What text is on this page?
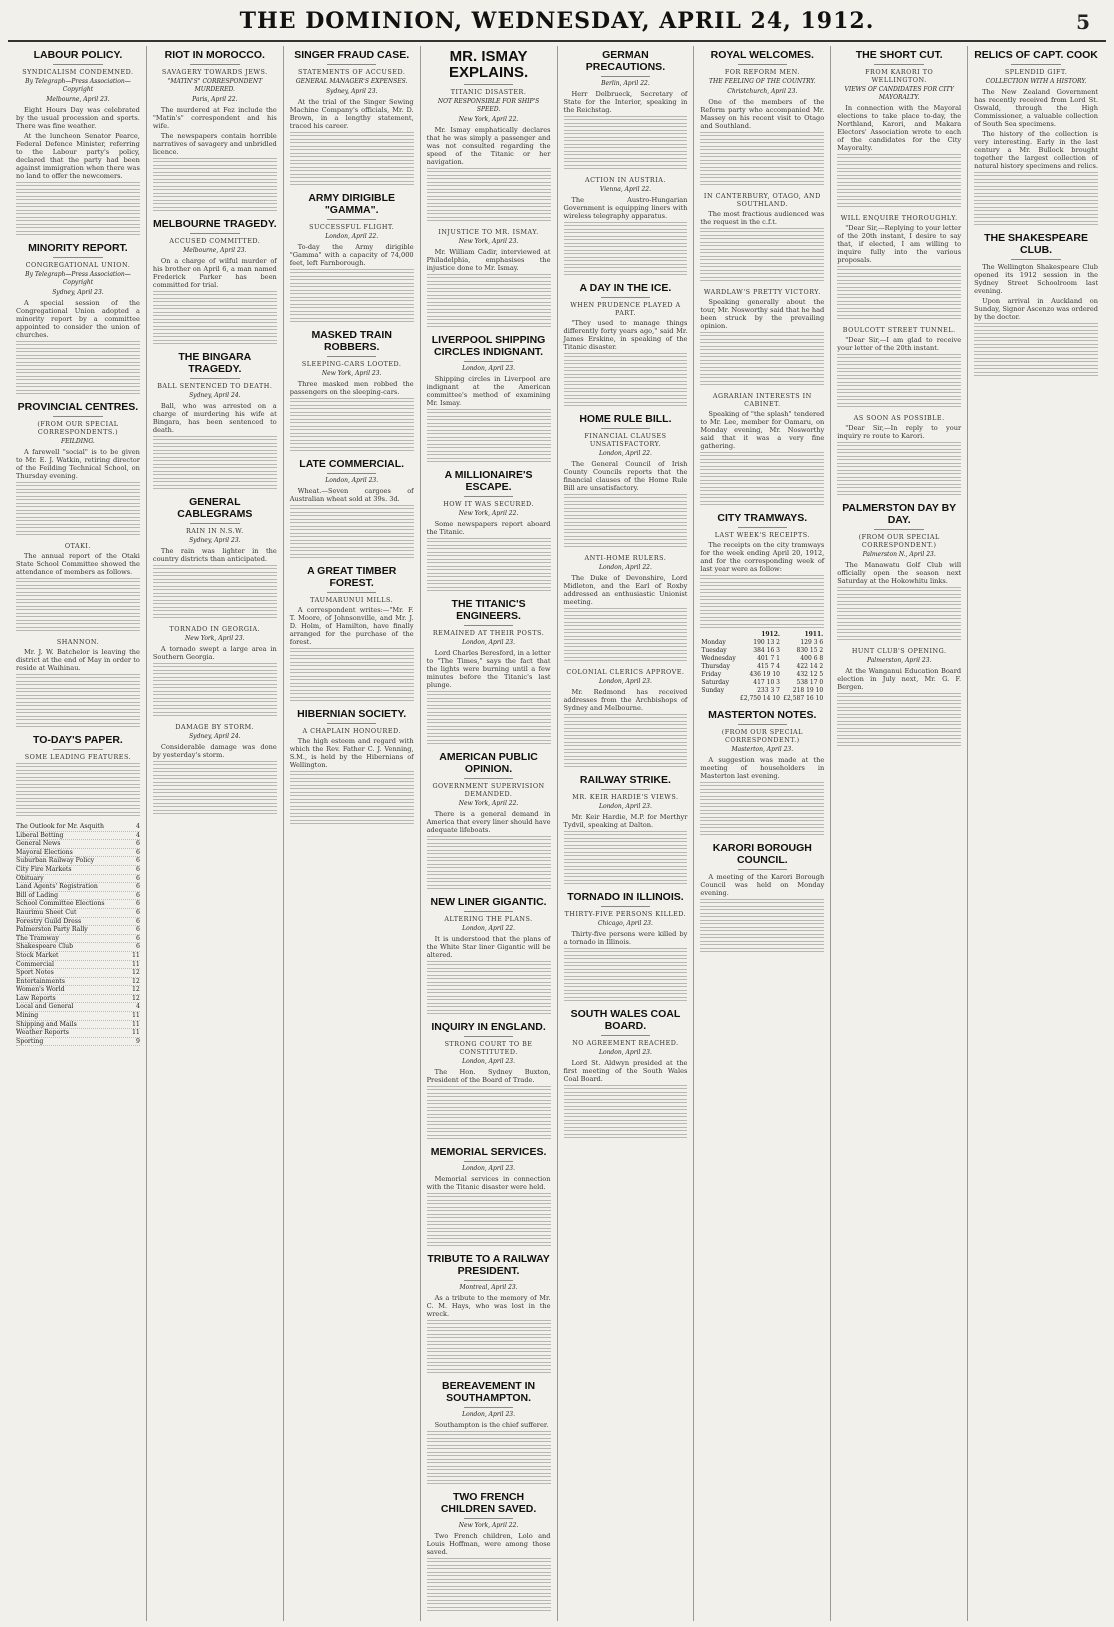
THE DOMINION, WEDNESDAY, APRIL 24, 1912.	5
LABOUR POLICY.
SYNDICALISM CONDEMNED.
By Telegraph—Press Association—Copyright
Melbourne, April 23.

Eight Hours Day was celebrated by the usual procession and sports. There was fine weather.

At the luncheon Senator Pearce, Federal Defence Minister, referring to the Labour party's policy, declared that the party had been against immigration when there was no land to offer the newcomers.

MINORITY REPORT.
CONGREGATIONAL UNION.
By Telegraph—Press Association—Copyright
Sydney, April 23.

A special session of the Congregational Union adopted a minority report by a committee appointed to consider the union of churches.

PROVINCIAL CENTRES.
(FROM OUR SPECIAL CORRESPONDENTS.)
FEILDING.

A farewell "social" is to be given to Mr. E. J. Watkin, retiring director of the Feilding Technical School, on Thursday evening.

OTAKI.

The annual report of the Otaki State School Committee showed the attendance of members as follows.

SHANNON.

Mr. J. W. Batchelor is leaving the district at the end of May in order to reside at Waihinau.

TO-DAY'S PAPER.
SOME LEADING FEATURES.
The Outlook for Mr. Asquith	4
Liberal Betting	4
General News	6
Mayoral Elections	6
Suburban Railway Policy	6
City Fire Markets	6
Obituary	6
Land Agents' Registration	6
Bill of Lading	6
School Committee Elections	6
Raurimu Sheet Cut	6
Forestry Guild Dress	6
Palmerston Party Rally	6
The Tramway	6
Shakespeare Club	6
Stock Market	11
Commercial	11
Sport Notes	12
Entertainments	12
Women's World	12
Law Reports	12
Local and General	4
Mining	11
Shipping and Mails	11
Weather Reports	11
Sporting	9
RIOT IN MOROCCO.
SAVAGERY TOWARDS JEWS.
"MATIN'S" CORRESPONDENT MURDERED.
Paris, April 22.

The murdered at Fez include the "Matin's" correspondent and his wife.

The newspapers contain horrible narratives of savagery and unbridled licence.

MELBOURNE TRAGEDY.
ACCUSED COMMITTED.
Melbourne, April 23.

On a charge of wilful murder of his brother on April 6, a man named Frederick Parker has been committed for trial.

THE BINGARA TRAGEDY.
BALL SENTENCED TO DEATH.
Sydney, April 24.

Ball, who was arrested on a charge of murdering his wife at Bingara, has been sentenced to death.

GENERAL CABLEGRAMS
RAIN IN N.S.W.
Sydney, April 23.

The rain was lighter in the country districts than anticipated.

TORNADO IN GEORGIA.
New York, April 23.

A tornado swept a large area in Southern Georgia.

DAMAGE BY STORM.
Sydney, April 24.

Considerable damage was done by yesterday's storm.

SINGER FRAUD CASE.
STATEMENTS OF ACCUSED.
GENERAL MANAGER'S EXPENSES.
Sydney, April 23.

At the trial of the Singer Sewing Machine Company's officials, Mr. D. Brown, in a lengthy statement, traced his career.

ARMY DIRIGIBLE "GAMMA".
SUCCESSFUL FLIGHT.
London, April 22.

To-day the Army dirigible "Gamma" with a capacity of 74,000 feet, left Farnborough.

MASKED TRAIN ROBBERS.
SLEEPING-CARS LOOTED.
New York, April 23.

Three masked men robbed the passengers on the sleeping-cars.

LATE COMMERCIAL.
London, April 23.

Wheat.—Seven cargoes of Australian wheat sold at 39s. 3d.

A GREAT TIMBER FOREST.
TAUMARUNUI MILLS.

A correspondent writes:—"Mr. F. T. Moore, of Johnsonville, and Mr. J. D. Holm, of Hamilton, have finally arranged for the purchase of the forest.

HIBERNIAN SOCIETY.
A CHAPLAIN HONOURED.

The high esteem and regard with which the Rev. Father C. J. Venning, S.M., is held by the Hibernians of Wellington.

MR. ISMAY EXPLAINS.
TITANIC DISASTER.
NOT RESPONSIBLE FOR SHIP'S SPEED.
New York, April 22.

Mr. Ismay emphatically declares that he was simply a passenger and was not consulted regarding the speed of the Titanic or her navigation.

INJUSTICE TO MR. ISMAY.
New York, April 23.

Mr. William Cadir, interviewed at Philadelphia, emphasises the injustice done to Mr. Ismay.

LIVERPOOL SHIPPING CIRCLES INDIGNANT.
London, April 23.

Shipping circles in Liverpool are indignant at the American committee's method of examining Mr. Ismay.

A MILLIONAIRE'S ESCAPE.
HOW IT WAS SECURED.
New York, April 22.

Some newspapers report aboard the Titanic.

THE TITANIC'S ENGINEERS.
REMAINED AT THEIR POSTS.
London, April 23.

Lord Charles Beresford, in a letter to "The Times," says the fact that the lights were burning until a few minutes before the Titanic's last plunge.

AMERICAN PUBLIC OPINION.
GOVERNMENT SUPERVISION DEMANDED.
New York, April 22.

There is a general demand in America that every liner should have adequate lifeboats.

NEW LINER GIGANTIC.
ALTERING THE PLANS.
London, April 22.

It is understood that the plans of the White Star liner Gigantic will be altered.

INQUIRY IN ENGLAND.
STRONG COURT TO BE CONSTITUTED.
London, April 23.

The Hon. Sydney Buxton, President of the Board of Trade.

MEMORIAL SERVICES.
London, April 23.

Memorial services in connection with the Titanic disaster were held.

TRIBUTE TO A RAILWAY PRESIDENT.
Montreal, April 23.

As a tribute to the memory of Mr. C. M. Hays, who was lost in the wreck.

BEREAVEMENT IN SOUTHAMPTON.
London, April 23.

Southampton is the chief sufferer.

TWO FRENCH CHILDREN SAVED.
New York, April 22.

Two French children, Lolo and Louis Hoffman, were among those saved.

GERMAN PRECAUTIONS.
Berlin, April 22.

Herr Delbrueck, Secretary of State for the Interior, speaking in the Reichstag.

ACTION IN AUSTRIA.
Vienna, April 22.

The Austro-Hungarian Government is equipping liners with wireless telegraphy apparatus.

A DAY IN THE ICE.
WHEN PRUDENCE PLAYED A PART.

"They used to manage things differently forty years ago," said Mr. James Erskine, in speaking of the Titanic disaster.

HOME RULE BILL.
FINANCIAL CLAUSES UNSATISFACTORY.
London, April 22.

The General Council of Irish County Councils reports that the financial clauses of the Home Rule Bill are unsatisfactory.

ANTI-HOME RULERS.
London, April 22.

The Duke of Devonshire, Lord Midleton, and the Earl of Roxby addressed an enthusiastic Unionist meeting.

COLONIAL CLERICS APPROVE.
London, April 23.

Mr. Redmond has received addresses from the Archbishops of Sydney and Melbourne.

RAILWAY STRIKE.
MR. KEIR HARDIE'S VIEWS.
London, April 23.

Mr. Keir Hardie, M.P. for Merthyr Tydvil, speaking at Dalton.

TORNADO IN ILLINOIS.
THIRTY-FIVE PERSONS KILLED.
Chicago, April 23.

Thirty-five persons were killed by a tornado in Illinois.

SOUTH WALES COAL BOARD.
NO AGREEMENT REACHED.
London, April 23.

Lord St. Aldwyn presided at the first meeting of the South Wales Coal Board.

ROYAL WELCOMES.
FOR REFORM MEN.
THE FEELING OF THE COUNTRY.
Christchurch, April 23.

One of the members of the Reform party who accompanied Mr. Massey on his recent visit to Otago and Southland.

IN CANTERBURY, OTAGO, AND SOUTHLAND.

The most fractious audienced was the request in the c.f.t.

WARDLAW'S PRETTY VICTORY.

Speaking generally about the tour, Mr. Nosworthy said that he had been struck by the prevailing opinion.

AGRARIAN INTERESTS IN CABINET.

Speaking of "the splash" tendered to Mr. Lee, member for Oamaru, on Monday evening, Mr. Nosworthy said that it was a very fine gathering.

CITY TRAMWAYS.
LAST WEEK'S RECEIPTS.

The receipts on the city tramways for the week ending April 20, 1912, and for the corresponding week of last year were as follow:

	1912.	1911.
Monday	190 13 2	129 3 6
Tuesday	384 16 3	830 15 2
Wednesday	401 7 1	400 6 8
Thursday	415 7 4	422 14 2
Friday	436 19 10	432 12 5
Saturday	417 10 3	538 17 0
Sunday	233 3 7	218 19 10
	£2,750 14 10	£2,587 16 10
MASTERTON NOTES.
(FROM OUR SPECIAL CORRESPONDENT.)
Masterton, April 23.

A suggestion was made at the meeting of householders in Masterton last evening.

KARORI BOROUGH COUNCIL.

A meeting of the Karori Borough Council was held on Monday evening.

THE SHORT CUT.
FROM KARORI TO WELLINGTON.
VIEWS OF CANDIDATES FOR CITY MAYORALTY.

In connection with the Mayoral elections to take place to-day, the Northland, Karori, and Makara Electors' Association wrote to each of the candidates for the City Mayoralty.

WILL ENQUIRE THOROUGHLY.

"Dear Sir,—Replying to your letter of the 20th instant, I desire to say that, if elected, I am willing to inquire fully into the various proposals.

BOULCOTT STREET TUNNEL.

"Dear Sir,—I am glad to receive your letter of the 20th instant.

AS SOON AS POSSIBLE.

"Dear Sir,—In reply to your inquiry re route to Karori.

PALMERSTON DAY BY DAY.
(FROM OUR SPECIAL CORRESPONDENT.)
Palmerston N., April 23.

The Manawatu Golf Club will officially open the season next Saturday at the Hokowhitu links.

HUNT CLUB'S OPENING.
Palmerston, April 23.

At the Wanganui Education Board election in July next, Mr. G. F. Bergen.

RELICS OF CAPT. COOK
SPLENDID GIFT.
COLLECTION WITH A HISTORY.

The New Zealand Government has recently received from Lord St. Oswald, through the High Commissioner, a valuable collection of South Sea specimens.

The history of the collection is very interesting. Early in the last century a Mr. Bullock brought together the largest collection of natural history specimens and relics.

THE SHAKESPEARE CLUB.

The Wellington Shakespeare Club opened its 1912 session in the Sydney Street Schoolroom last evening.

Upon arrival in Auckland on Sunday, Signor Ascenzo was ordered by the doctor.
